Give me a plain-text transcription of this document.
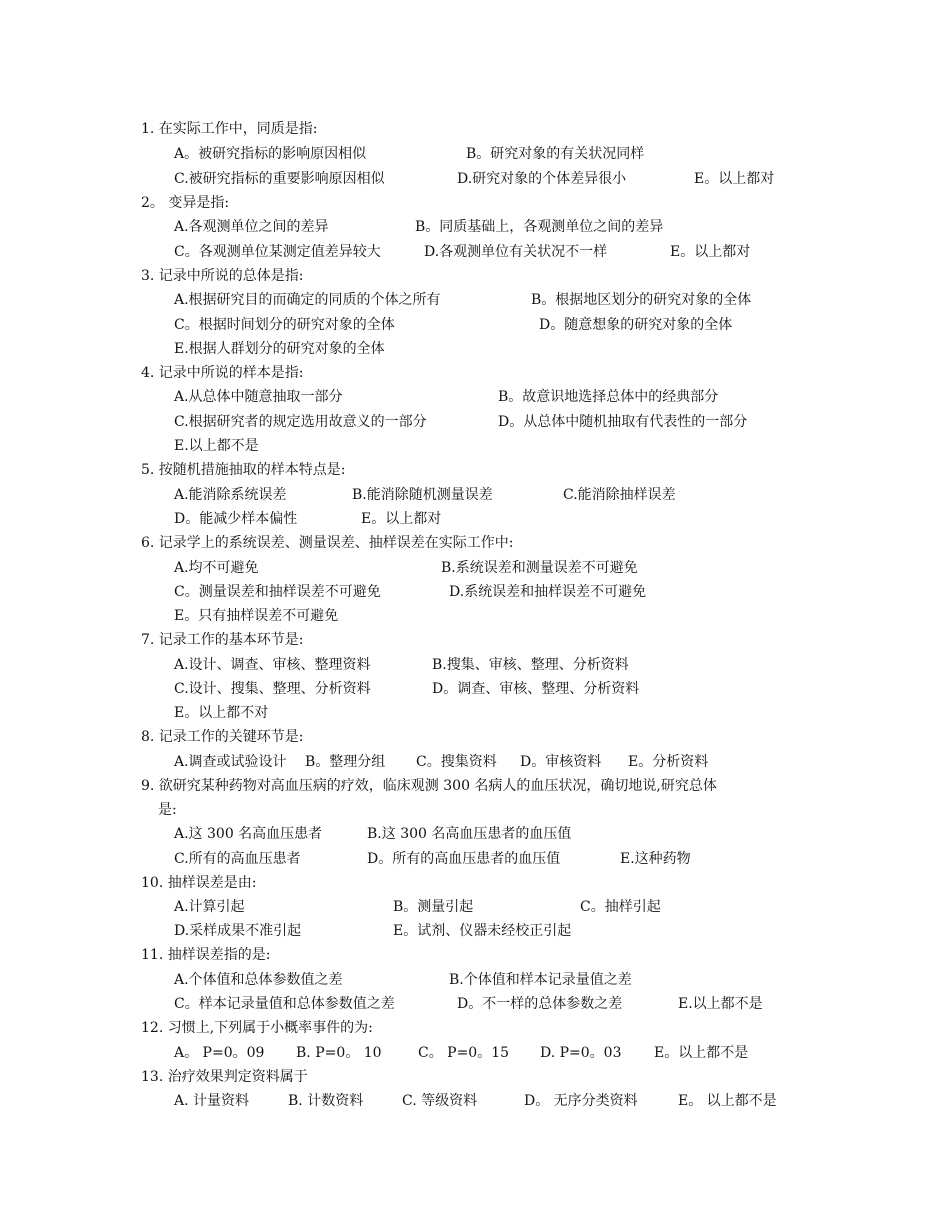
1. 在实际工作中，同质是指:
A。被研究指标的影响原因相似	B。研究对象的有关状况同样
C.被研究指标的重要影响原因相似	D.研究对象的个体差异很小	E。以上都对
2。 变异是指:
A.各观测单位之间的差异	B。同质基础上，各观测单位之间的差异
C。各观测单位某测定值差异较大	D.各观测单位有关状况不一样	E。以上都对
3. 记录中所说的总体是指:
A.根据研究目的而确定的同质的个体之所有	B。根据地区划分的研究对象的全体
C。根据时间划分的研究对象的全体	D。随意想象的研究对象的全体
E.根据人群划分的研究对象的全体
4. 记录中所说的样本是指:
A.从总体中随意抽取一部分	B。故意识地选择总体中的经典部分
C.根据研究者的规定选用故意义的一部分	D。从总体中随机抽取有代表性的一部分
E.以上都不是
5. 按随机措施抽取的样本特点是:
A.能消除系统误差	B.能消除随机测量误差	C.能消除抽样误差
D。能减少样本偏性	E。以上都对
6. 记录学上的系统误差、测量误差、抽样误差在实际工作中:
A.均不可避免	B.系统误差和测量误差不可避免
C。测量误差和抽样误差不可避免	D.系统误差和抽样误差不可避免
E。只有抽样误差不可避免
7. 记录工作的基本环节是:
A.设计、调查、审核、整理资料	B.搜集、审核、整理、分析资料
C.设计、搜集、整理、分析资料	D。调查、审核、整理、分析资料
E。以上都不对
8. 记录工作的关键环节是:
A.调查或试验设计 B。整理分组 C。搜集资料 D。审核资料 E。分析资料
9. 欲研究某种药物对高血压病的疗效，临床观测 300 名病人的血压状况，确切地说,研究总体
是:
A.这 300 名高血压患者	B.这 300 名高血压患者的血压值
C.所有的高血压患者	D。所有的高血压患者的血压值	E.这种药物
10. 抽样误差是由:
A.计算引起	B。测量引起	C。抽样引起
D.采样成果不准引起	E。试剂、仪器未经校正引起
11. 抽样误差指的是:
A.个体值和总体参数值之差	B.个体值和样本记录量值之差
C。样本记录量值和总体参数值之差	D。不一样的总体参数之差	E.以上都不是
12. 习惯上,下列属于小概率事件的为:
A。 P=0。09 B. P=0。 10	C。 P=0。15 D. P=0。03 E。以上都不是
13. 治疗效果判定资料属于
A. 计量资料	B. 计数资料	C. 等级资料	D。 无序分类资料	E。 以上都不是
